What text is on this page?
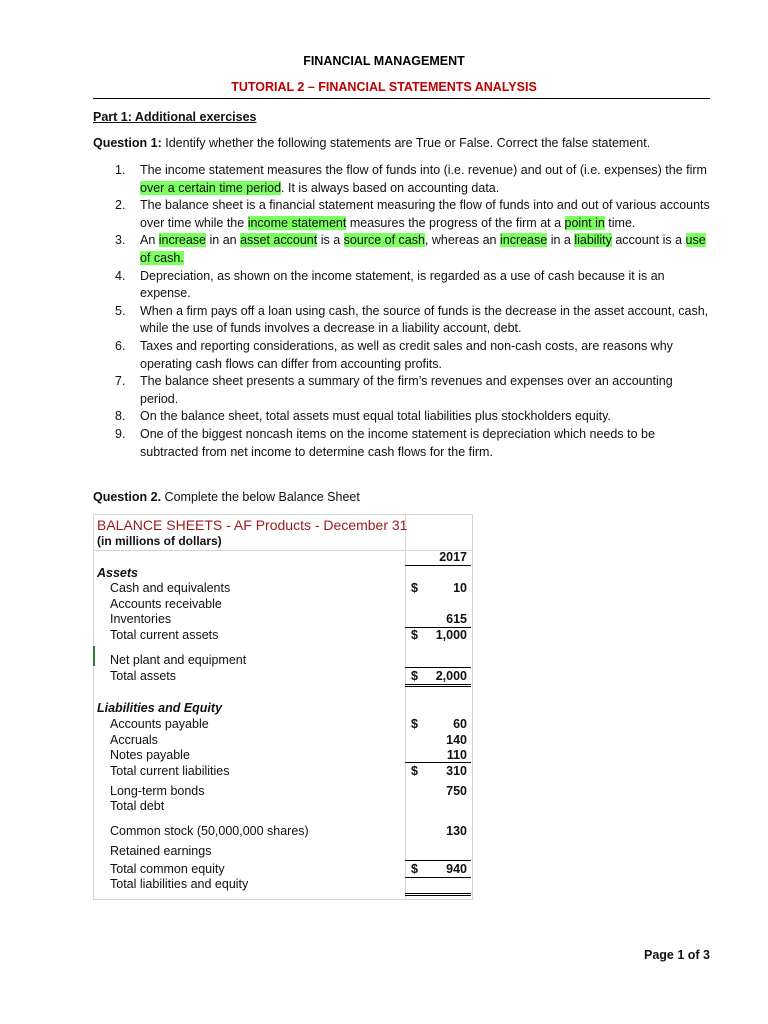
FINANCIAL MANAGEMENT
TUTORIAL 2 – FINANCIAL STATEMENTS ANALYSIS
Part 1: Additional exercises
Question 1: Identify whether the following statements are True or False. Correct the false statement.
1. The income statement measures the flow of funds into (i.e. revenue) and out of (i.e. expenses) the firm over a certain time period. It is always based on accounting data.
2. The balance sheet is a financial statement measuring the flow of funds into and out of various accounts over time while the income statement measures the progress of the firm at a point in time.
3. An increase in an asset account is a source of cash, whereas an increase in a liability account is a use of cash.
4. Depreciation, as shown on the income statement, is regarded as a use of cash because it is an expense.
5. When a firm pays off a loan using cash, the source of funds is the decrease in the asset account, cash, while the use of funds involves a decrease in a liability account, debt.
6. Taxes and reporting considerations, as well as credit sales and non-cash costs, are reasons why operating cash flows can differ from accounting profits.
7. The balance sheet presents a summary of the firm’s revenues and expenses over an accounting period.
8. On the balance sheet, total assets must equal total liabilities plus stockholders equity.
9. One of the biggest noncash items on the income statement is depreciation which needs to be subtracted from net income to determine cash flows for the firm.
Question 2. Complete the below Balance Sheet
BALANCE SHEETS - AF Products - December 31
(in millions of dollars)
2017
Assets
Cash and equivalents	$	10
Accounts receivable
Inventories	615
Total current assets	$ 1,000
Net plant and equipment
Total assets	$ 2,000
Liabilities and Equity
Accounts payable	$	60
Accruals	140
Notes payable	110
Total current liabilities	$ 310
Long-term bonds	750
Total debt
Common stock (50,000,000 shares)	130
Retained earnings
Total common equity	$ 940
Total liabilities and equity
Page 1 of 3
